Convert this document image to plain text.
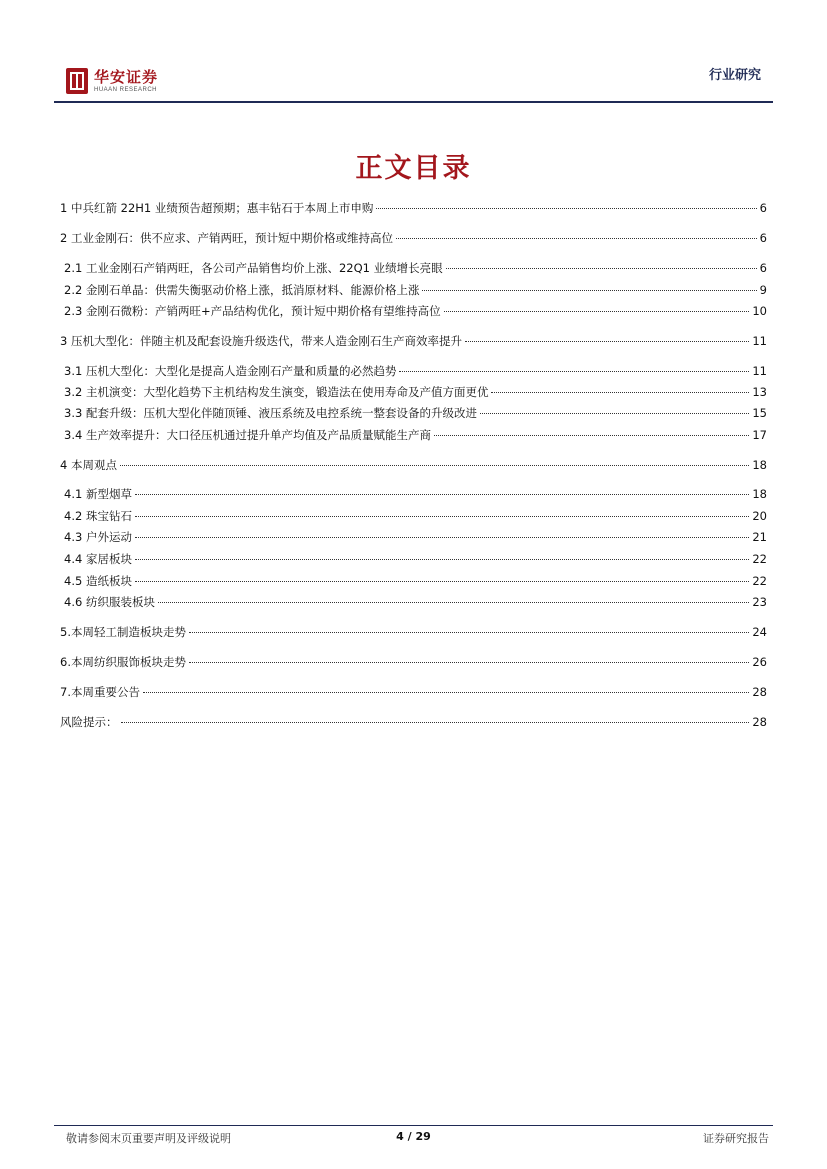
华安证券
HUAAN RESEARCH
行业研究
正文目录
1 中兵红箭 22H1 业绩预告超预期；惠丰钻石于本周上市申购	6
2 工业金刚石：供不应求、产销两旺，预计短中期价格或维持高位	6
2.1 工业金刚石产销两旺，各公司产品销售均价上涨、22Q1 业绩增长亮眼	6
2.2 金刚石单晶：供需失衡驱动价格上涨，抵消原材料、能源价格上涨	9
2.3 金刚石微粉：产销两旺+产品结构优化，预计短中期价格有望维持高位	10
3 压机大型化：伴随主机及配套设施升级迭代，带来人造金刚石生产商效率提升	11
3.1 压机大型化：大型化是提高人造金刚石产量和质量的必然趋势	11
3.2 主机演变：大型化趋势下主机结构发生演变，锻造法在使用寿命及产值方面更优	13
3.3 配套升级：压机大型化伴随顶锤、液压系统及电控系统一整套设备的升级改进	15
3.4 生产效率提升：大口径压机通过提升单产均值及产品质量赋能生产商	17
4 本周观点	18
4.1 新型烟草	18
4.2 珠宝钻石	20
4.3 户外运动	21
4.4 家居板块	22
4.5 造纸板块	22
4.6 纺织服装板块	23
5.本周轻工制造板块走势	24
6.本周纺织服饰板块走势	26
7.本周重要公告	28
风险提示：	28
敬请参阅末页重要声明及评级说明	4 / 29	证券研究报告
